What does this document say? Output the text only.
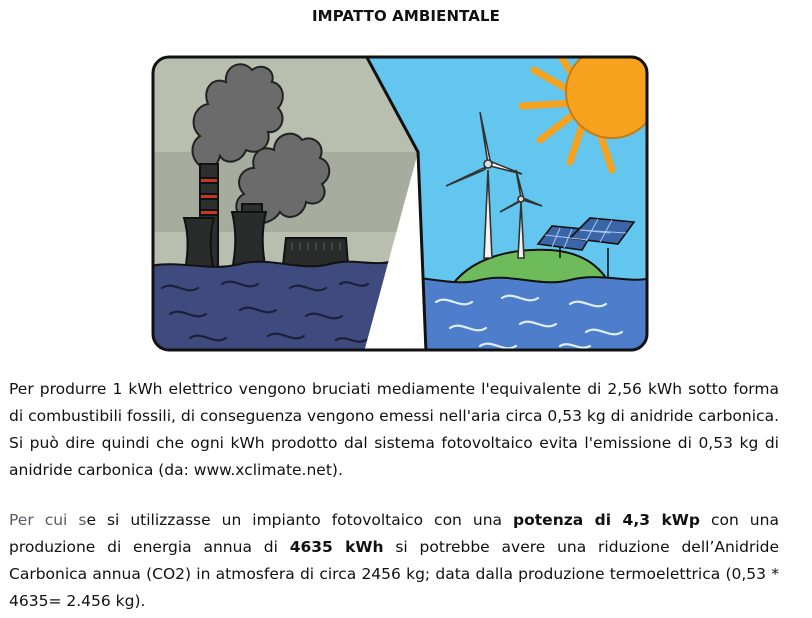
IMPATTO AMBIENTALE

Per produrre 1 kWh elettrico vengono bruciati mediamente l'equivalente di 2,56 kWh sotto forma di combustibili fossili, di conseguenza vengono emessi nell'aria circa 0,53 kg di anidride carbonica. Si può dire quindi che ogni kWh prodotto dal sistema fotovoltaico evita l'emissione di 0,53 kg di anidride carbonica (da: www.xclimate.net).

Per cui se si utilizzasse un impianto fotovoltaico con una potenza di 4,3 kWp con una produzione di energia annua di 4635 kWh si potrebbe avere una riduzione dell’Anidride Carbonica annua (CO2) in atmosfera di circa 2456 kg; data dalla produzione termoelettrica (0,53 * 4635= 2.456 kg).
